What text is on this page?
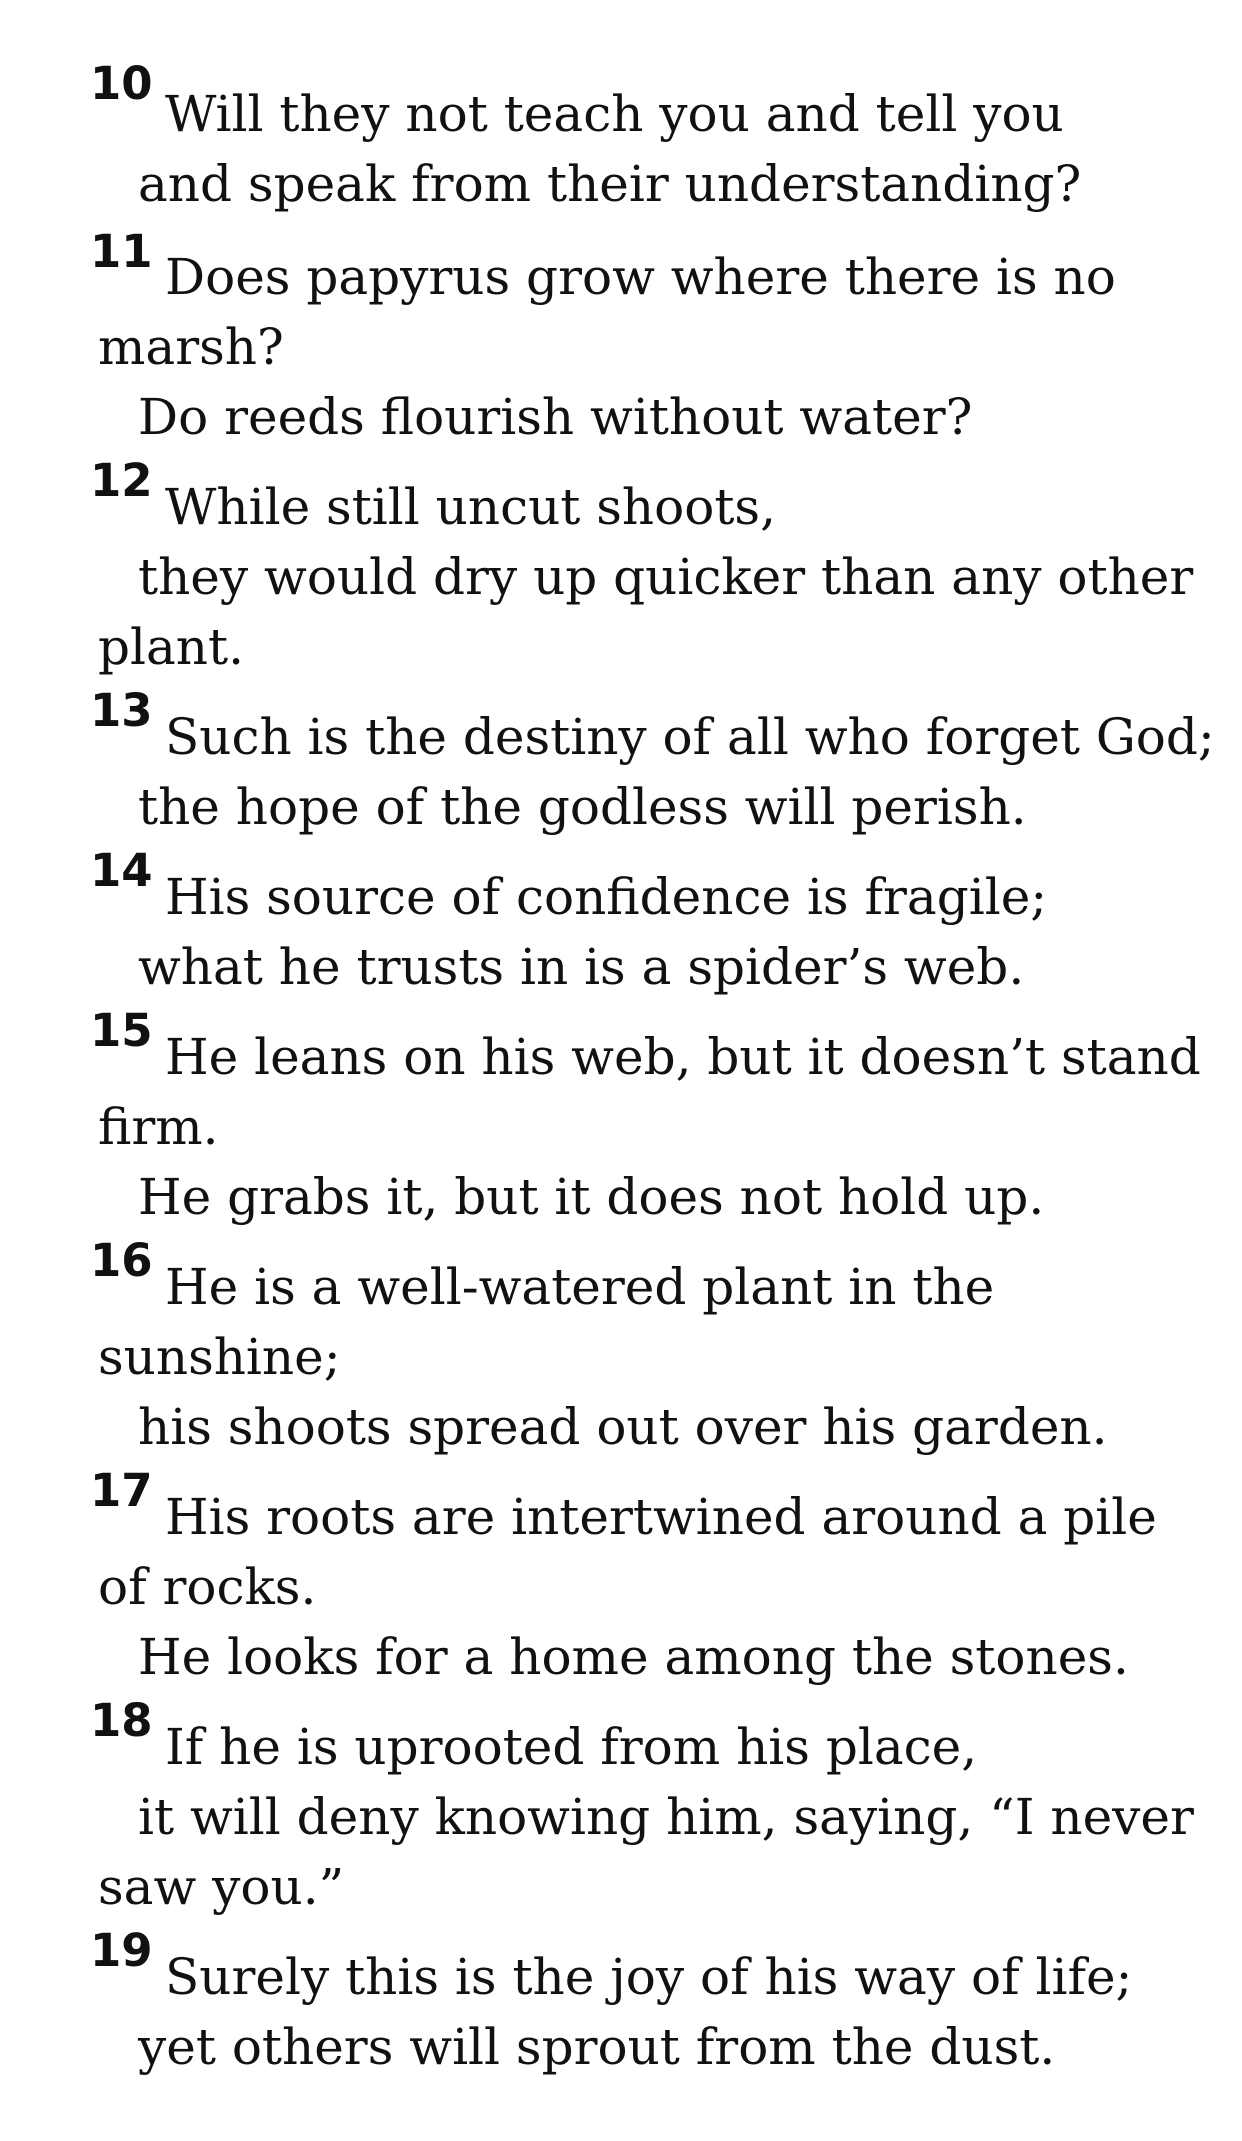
10
Will they not teach you and tell you
and speak from their understanding?
11 Does papyrus grow where there is no
marsh?
Do reeds flourish without water?
12 While still uncut shoots,
they would dry up quicker than any other
plant.
13 Such is the destiny of all who forget God;
the hope of the godless will perish.
14 His source of confidence is fragile;
what he trusts in is a spider’s web.
15 He leans on his web, but it doesn’t stand
firm.
He grabs it, but it does not hold up.
16 He is a well-watered plant in the
sunshine;
his shoots spread out over his garden.
17 His roots are intertwined around a pile
of rocks.
He looks for a home among the stones.
18 If he is uprooted from his place,
it will deny knowing him, saying, “I never
saw you.”
19 Surely this is the joy of his way of life;
yet others will sprout from the dust.
